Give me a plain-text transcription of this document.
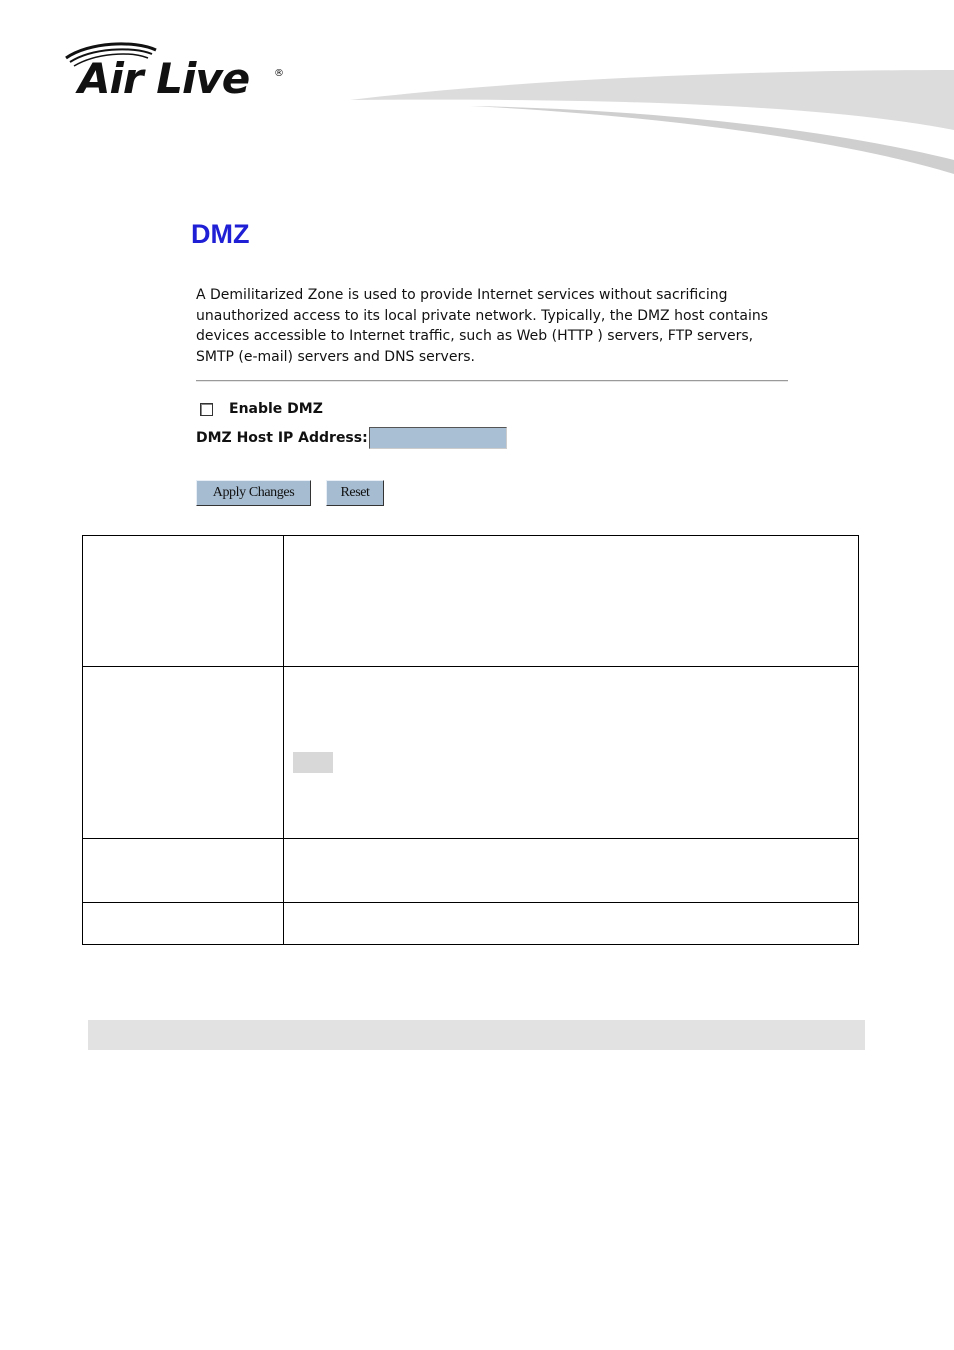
Air Live ®
DMZ
A Demilitarized Zone is used to provide Internet services without sacrificing unauthorized access to its local private network. Typically, the DMZ host contains devices accessible to Internet traffic, such as Web (HTTP ) servers, FTP servers, SMTP (e-mail) servers and DNS servers.
Enable DMZ
DMZ Host IP Address:
Apply Changes	Reset
